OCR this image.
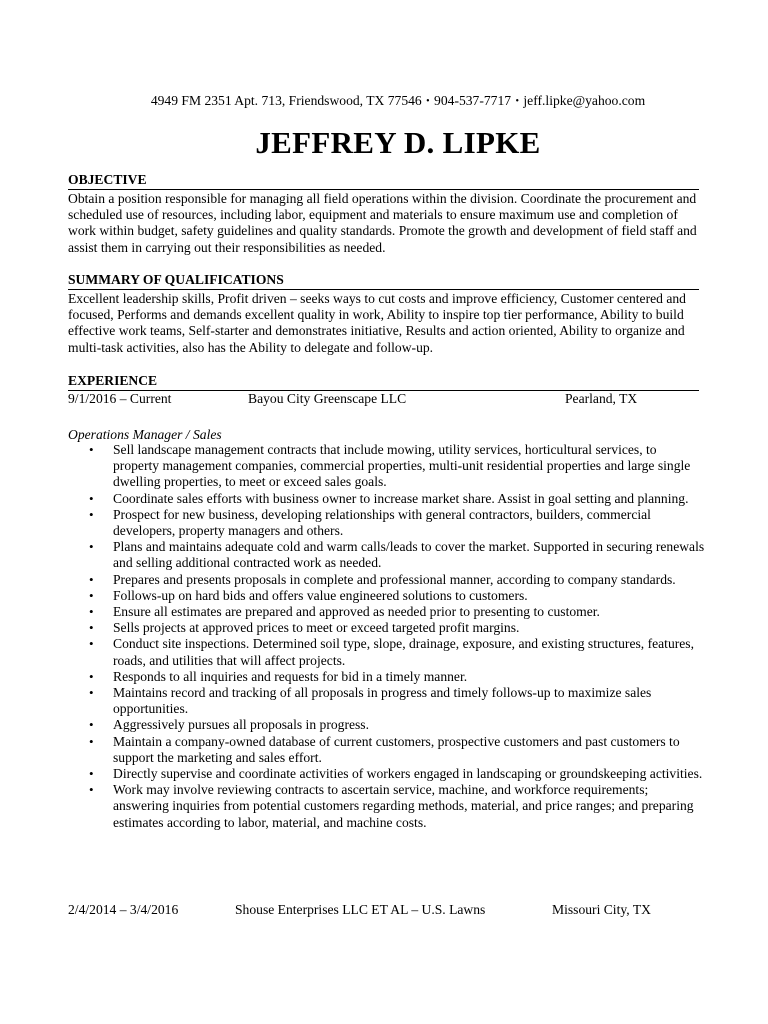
4949 FM 2351 Apt. 713, Friendswood, TX 77546 • 904-537-7717 • jeff.lipke@yahoo.com
JEFFREY D. LIPKE
OBJECTIVE
Obtain a position responsible for managing all field operations within the division. Coordinate the procurement and scheduled use of resources, including labor, equipment and materials to ensure maximum use and completion of work within budget, safety guidelines and quality standards. Promote the growth and development of field staff and assist them in carrying out their responsibilities as needed.
SUMMARY OF QUALIFICATIONS
Excellent leadership skills, Profit driven – seeks ways to cut costs and improve efficiency, Customer centered and focused, Performs and demands excellent quality in work, Ability to inspire top tier performance, Ability to build effective work teams, Self-starter and demonstrates initiative, Results and action oriented, Ability to organize and multi-task activities, also has the Ability to delegate and follow-up.
EXPERIENCE
9/1/2016 – Current	Bayou City Greenscape LLC	Pearland, TX
Operations Manager / Sales
• Sell landscape management contracts that include mowing, utility services, horticultural services, to property management companies, commercial properties, multi-unit residential properties and large single dwelling properties, to meet or exceed sales goals.
• Coordinate sales efforts with business owner to increase market share. Assist in goal setting and planning.
• Prospect for new business, developing relationships with general contractors, builders, commercial developers, property managers and others.
• Plans and maintains adequate cold and warm calls/leads to cover the market. Supported in securing renewals and selling additional contracted work as needed.
• Prepares and presents proposals in complete and professional manner, according to company standards.
• Follows-up on hard bids and offers value engineered solutions to customers.
• Ensure all estimates are prepared and approved as needed prior to presenting to customer.
• Sells projects at approved prices to meet or exceed targeted profit margins.
• Conduct site inspections. Determined soil type, slope, drainage, exposure, and existing structures, features, roads, and utilities that will affect projects.
• Responds to all inquiries and requests for bid in a timely manner.
• Maintains record and tracking of all proposals in progress and timely follows-up to maximize sales opportunities.
• Aggressively pursues all proposals in progress.
• Maintain a company-owned database of current customers, prospective customers and past customers to support the marketing and sales effort.
• Directly supervise and coordinate activities of workers engaged in landscaping or groundskeeping activities.
• Work may involve reviewing contracts to ascertain service, machine, and workforce requirements; answering inquiries from potential customers regarding methods, material, and price ranges; and preparing estimates according to labor, material, and machine costs.
2/4/2014 – 3/4/2016	Shouse Enterprises LLC ET AL – U.S. Lawns	Missouri City, TX
